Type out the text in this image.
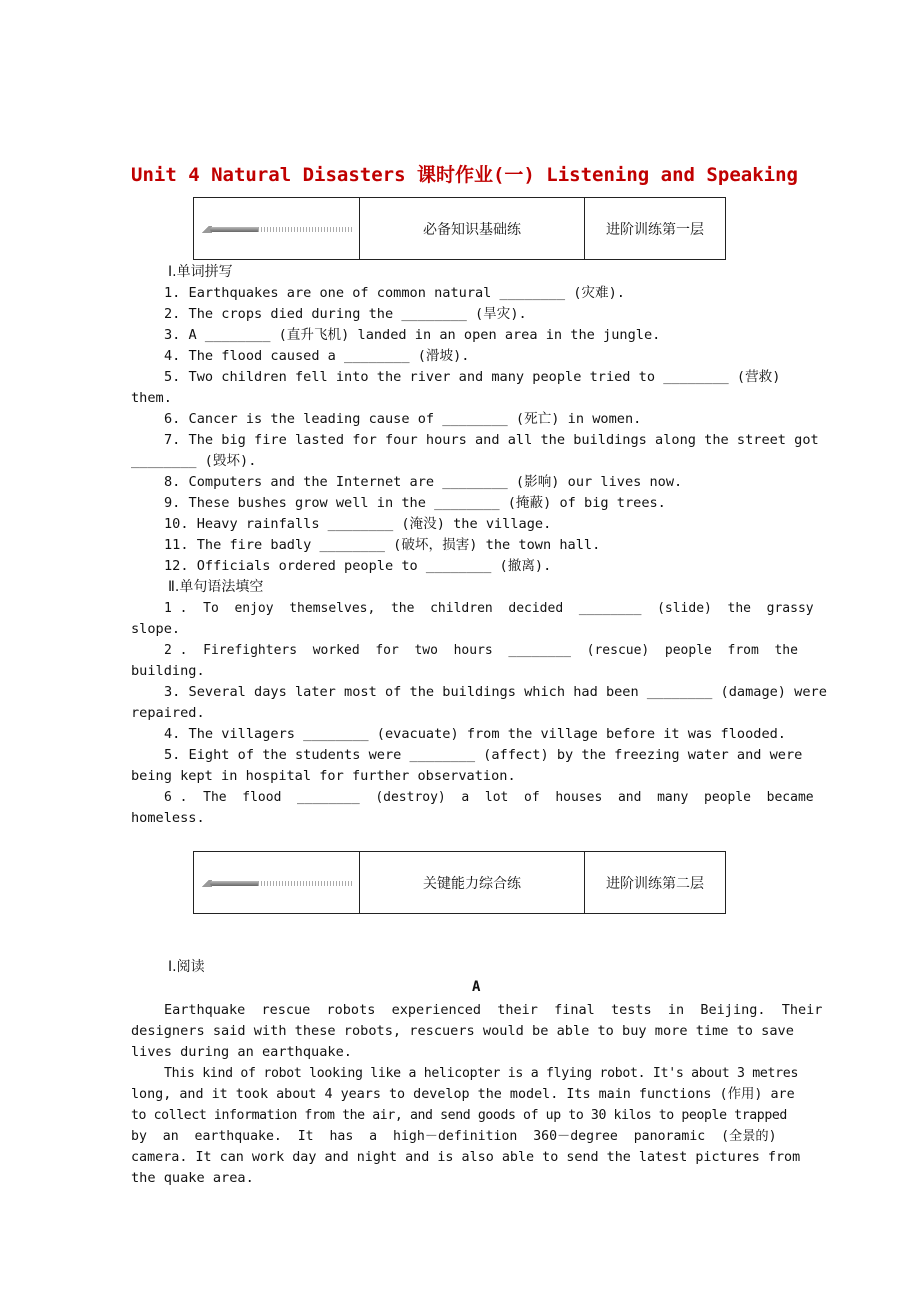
Unit 4 Natural Disasters 课时作业(一) Listening and Speaking
必备知识基础练	进阶训练第一层
Ⅰ.单词拼写
1. Earthquakes are one of common natural ________ (灾难).
2. The crops died during the ________ (旱灾).
3. A ________ (直升飞机) landed in an open area in the jungle.
4. The flood caused a ________ (滑坡).
5. Two children fell into the river and many people tried to ________ (营救)
them.
6. Cancer is the leading cause of ________ (死亡) in women.
7. The big fire lasted for four hours and all the buildings along the street got
________ (毁坏).
8. Computers and the Internet are ________ (影响) our lives now.
9. These bushes grow well in the ________ (掩蔽) of big trees.
10. Heavy rainfalls ________ (淹没) the village.
11. The fire badly ________ (破坏，损害) the town hall.
12. Officials ordered people to ________ (撤离).
Ⅱ.单句语法填空
1 .  To  enjoy  themselves,  the  children  decided  ________  (slide)  the  grassy
slope.
2 .  Firefighters  worked  for  two  hours  ________  (rescue)  people  from  the
building.
3. Several days later most of the buildings which had been ________ (damage) were
repaired.
4. The villagers ________ (evacuate) from the village before it was flooded.
5. Eight of the students were ________ (affect) by the freezing water and were
being kept in hospital for further observation.
6 .  The  flood  ________  (destroy)  a  lot  of  houses  and  many  people  became
homeless.
关键能力综合练	进阶训练第二层
Ⅰ.阅读
A
Earthquake  rescue  robots  experienced  their  final  tests  in  Beijing.  Their
designers said with these robots, rescuers would be able to buy more time to save
lives during an earthquake.
This kind of robot looking like a helicopter is a flying robot. It's about 3 metres
long, and it took about 4 years to develop the model. Its main functions (作用) are
to collect information from the air, and send goods of up to 30 kilos to people trapped
by  an  earthquake.  It  has  a  high－definition  360－degree  panoramic  (全景的)
camera. It can work day and night and is also able to send the latest pictures from
the quake area.
